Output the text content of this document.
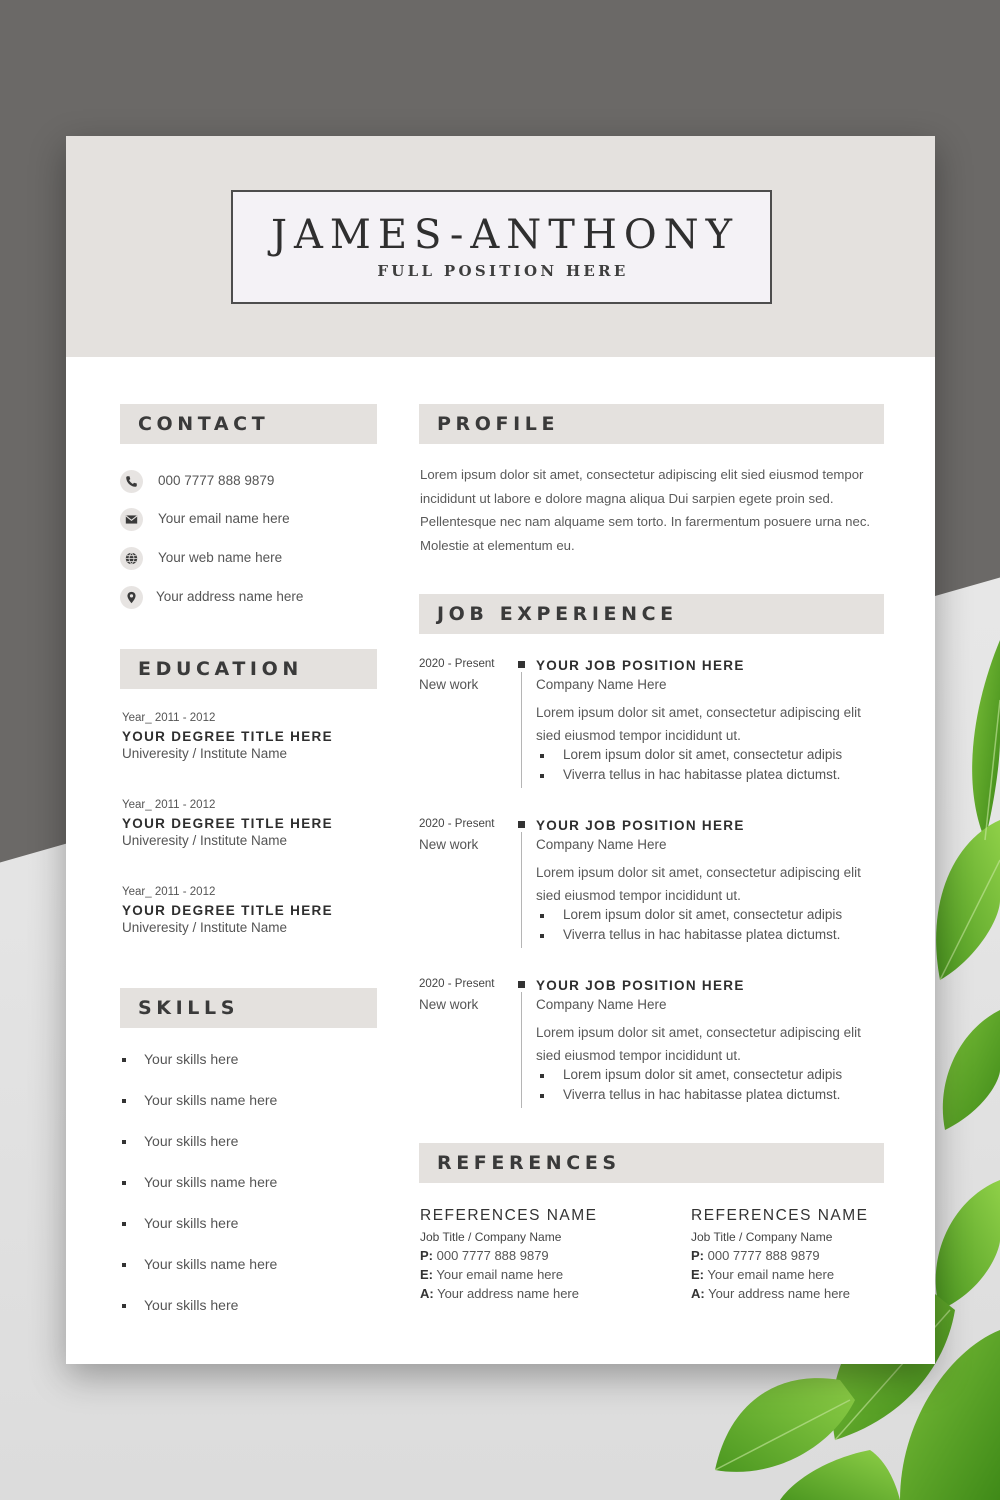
JAMES-ANTHONY
FULL POSITION HERE
CONTACT
000 7777 888 9879
Your email name here
Your web name here
Your address name here
EDUCATION
Year_ 2011 - 2012
YOUR DEGREE TITLE HERE
Univeresity / Institute Name
Year_ 2011 - 2012
YOUR DEGREE TITLE HERE
Univeresity / Institute Name
Year_ 2011 - 2012
YOUR DEGREE TITLE HERE
Univeresity / Institute Name
SKILLS
Your skills here
Your skills name here
Your skills here
Your skills name here
Your skills here
Your skills name here
Your skills here
PROFILE

Lorem ipsum dolor sit amet, consectetur adipiscing elit sied eiusmod tempor incididunt ut labore e dolore magna aliqua Dui sarpien egete proin sed. Pellentesque nec nam alquame sem torto. In farermentum posuere urna nec. Molestie at elementum eu.

JOB EXPERIENCE
2020 - Present
New work
YOUR JOB POSITION HERE
Company Name Here
Lorem ipsum dolor sit amet, consectetur adipiscing elit sied eiusmod tempor incididunt ut.
Lorem ipsum dolor sit amet, consectetur adipis
Viverra tellus in hac habitasse platea dictumst.
2020 - Present
New work
YOUR JOB POSITION HERE
Company Name Here
Lorem ipsum dolor sit amet, consectetur adipiscing elit sied eiusmod tempor incididunt ut.
Lorem ipsum dolor sit amet, consectetur adipis
Viverra tellus in hac habitasse platea dictumst.
2020 - Present
New work
YOUR JOB POSITION HERE
Company Name Here
Lorem ipsum dolor sit amet, consectetur adipiscing elit sied eiusmod tempor incididunt ut.
Lorem ipsum dolor sit amet, consectetur adipis
Viverra tellus in hac habitasse platea dictumst.
REFERENCES
REFERENCES NAME
Job Title / Company Name
P: 000 7777 888 9879
E: Your email name here
A: Your address name here
REFERENCES NAME
Job Title / Company Name
P: 000 7777 888 9879
E: Your email name here
A: Your address name here
